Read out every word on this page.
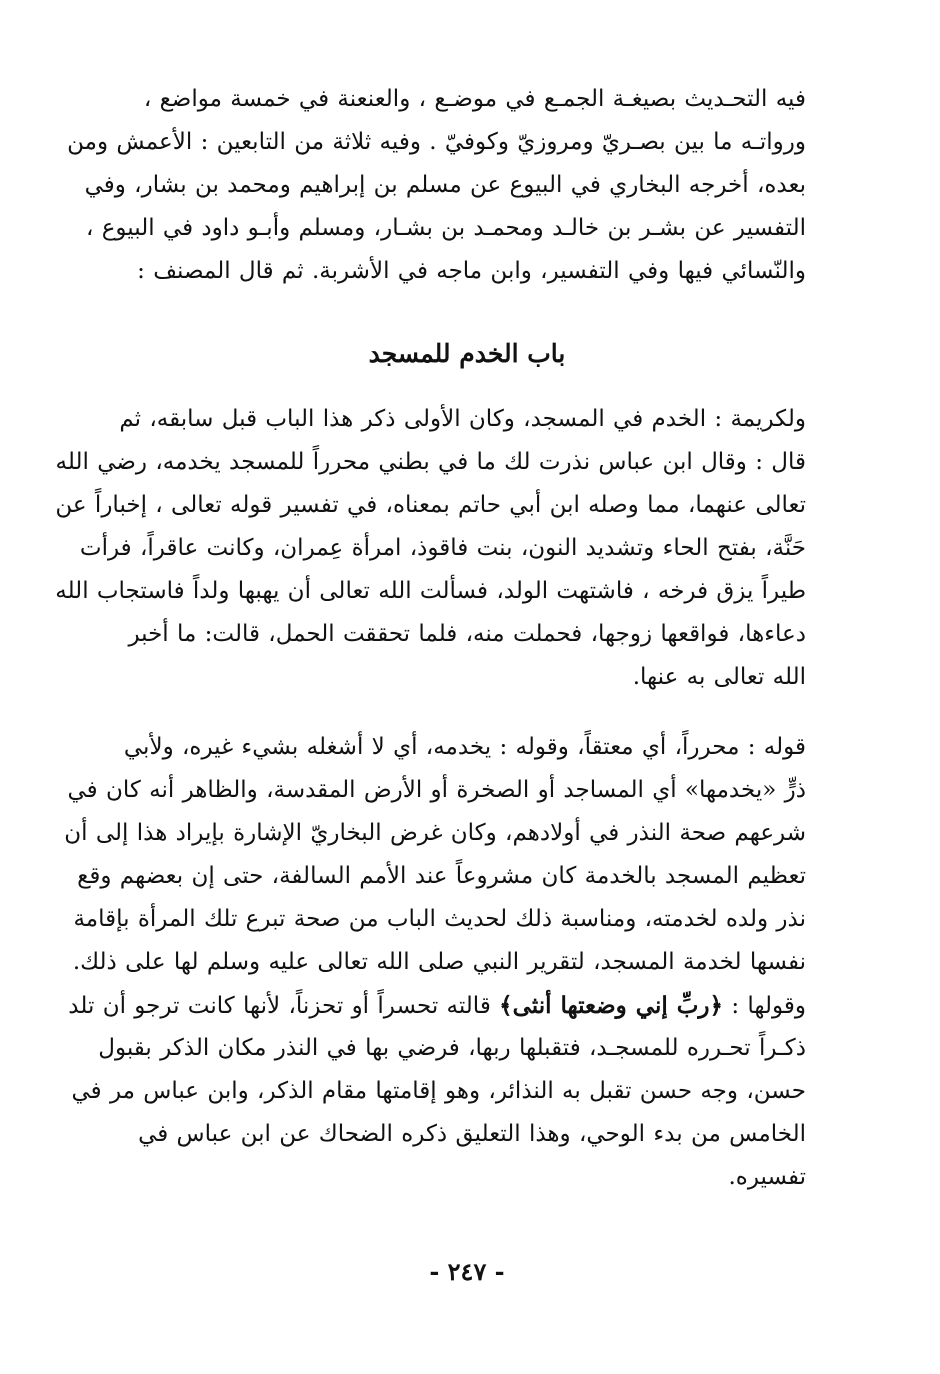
فيه التحـديث بصيغـة الجمـع في موضـع ، والعنعنة في خمسة مواضع ،
ورواتـه ما بين بصـريّ ومروزيّ وكوفيّ . وفيه ثلاثة من التابعين : الأعمش ومن
بعده، أخرجه البخاري في البيوع عن مسلم بن إبراهيم ومحمد بن بشار، وفي
التفسير عن بشـر بن خالـد ومحمـد بن بشـار، ومسلم وأبـو داود في البيوع ،
والنّسائي فيها وفي التفسير، وابن ماجه في الأشربة. ثم قال المصنف :
باب الخدم للمسجد
ولكريمة : الخدم في المسجد، وكان الأولى ذكر هذا الباب قبل سابقه، ثم
قال : وقال ابن عباس نذرت لك ما في بطني محرراً للمسجد يخدمه، رضي الله
تعالى عنهما، مما وصله ابن أبي حاتم بمعناه، في تفسير قوله تعالى ، إخباراً عن
حَنَّة، بفتح الحاء وتشديد النون، بنت فاقوذ، امرأة عِمران، وكانت عاقراً، فرأت
طيراً يزق فرخه ، فاشتهت الولد، فسألت الله تعالى أن يهبها ولداً فاستجاب الله
دعاءها، فواقعها زوجها، فحملت منه، فلما تحققت الحمل، قالت: ما أخبر
الله تعالى به عنها.
قوله : محرراً، أي معتقاً، وقوله : يخدمه، أي لا أشغله بشيء غيره، ولأبي
ذرٍّ «يخدمها» أي المساجد أو الصخرة أو الأرض المقدسة، والظاهر أنه كان في
شرعهم صحة النذر في أولادهم، وكان غرض البخاريّ الإشارة بإيراد هذا إلى أن
تعظيم المسجد بالخدمة كان مشروعاً عند الأمم السالفة، حتى إن بعضهم وقع
نذر ولده لخدمته، ومناسبة ذلك لحديث الباب من صحة تبرع تلك المرأة بإقامة
نفسها لخدمة المسجد، لتقرير النبي صلى الله تعالى عليه وسلم لها على ذلك.
وقولها : ﴿ربِّ إني وضعتها أنثى﴾ قالته تحسراً أو تحزناً، لأنها كانت ترجو أن تلد
ذكـراً تحـرره للمسجـد، فتقبلها ربها، فرضي بها في النذر مكان الذكر بقبول
حسن، وجه حسن تقبل به النذائر، وهو إقامتها مقام الذكر، وابن عباس مر في
الخامس من بدء الوحي، وهذا التعليق ذكره الضحاك عن ابن عباس في
تفسيره.
- ٢٤٧ -
